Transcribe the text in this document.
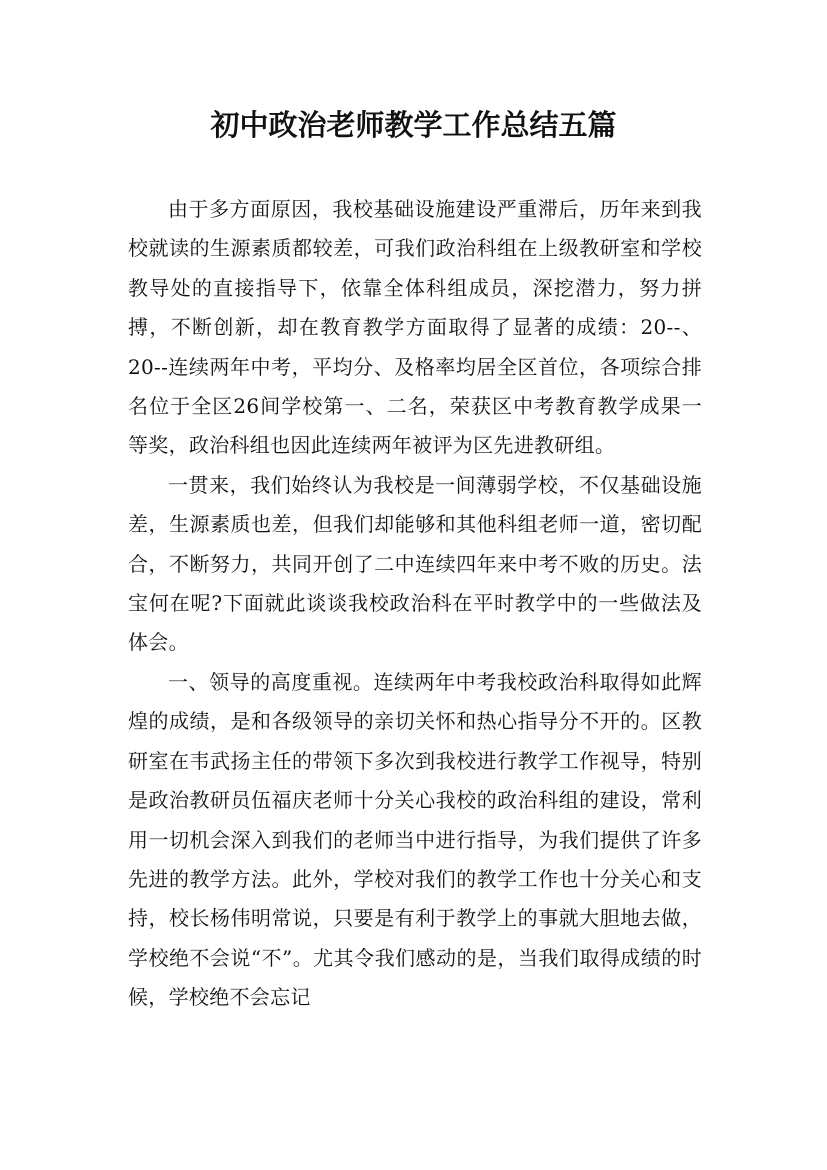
初中政治老师教学工作总结五篇

由于多方面原因，我校基础设施建设严重滞后，历年来到我校就读的生源素质都较差，可我们政治科组在上级教研室和学校教导处的直接指导下，依靠全体科组成员，深挖潜力，努力拼搏，不断创新，却在教育教学方面取得了显著的成绩：20--、20--连续两年中考，平均分、及格率均居全区首位，各项综合排名位于全区26间学校第一、二名，荣获区中考教育教学成果一等奖，政治科组也因此连续两年被评为区先进教研组。

一贯来，我们始终认为我校是一间薄弱学校，不仅基础设施差，生源素质也差，但我们却能够和其他科组老师一道，密切配合，不断努力，共同开创了二中连续四年来中考不败的历史。法宝何在呢?下面就此谈谈我校政治科在平时教学中的一些做法及体会。

一、领导的高度重视。连续两年中考我校政治科取得如此辉煌的成绩，是和各级领导的亲切关怀和热心指导分不开的。区教研室在韦武扬主任的带领下多次到我校进行教学工作视导，特别是政治教研员伍福庆老师十分关心我校的政治科组的建设，常利用一切机会深入到我们的老师当中进行指导，为我们提供了许多先进的教学方法。此外，学校对我们的教学工作也十分关心和支持，校长杨伟明常说，只要是有利于教学上的事就大胆地去做，学校绝不会说“不”。尤其令我们感动的是，当我们取得成绩的时候，学校绝不会忘记
